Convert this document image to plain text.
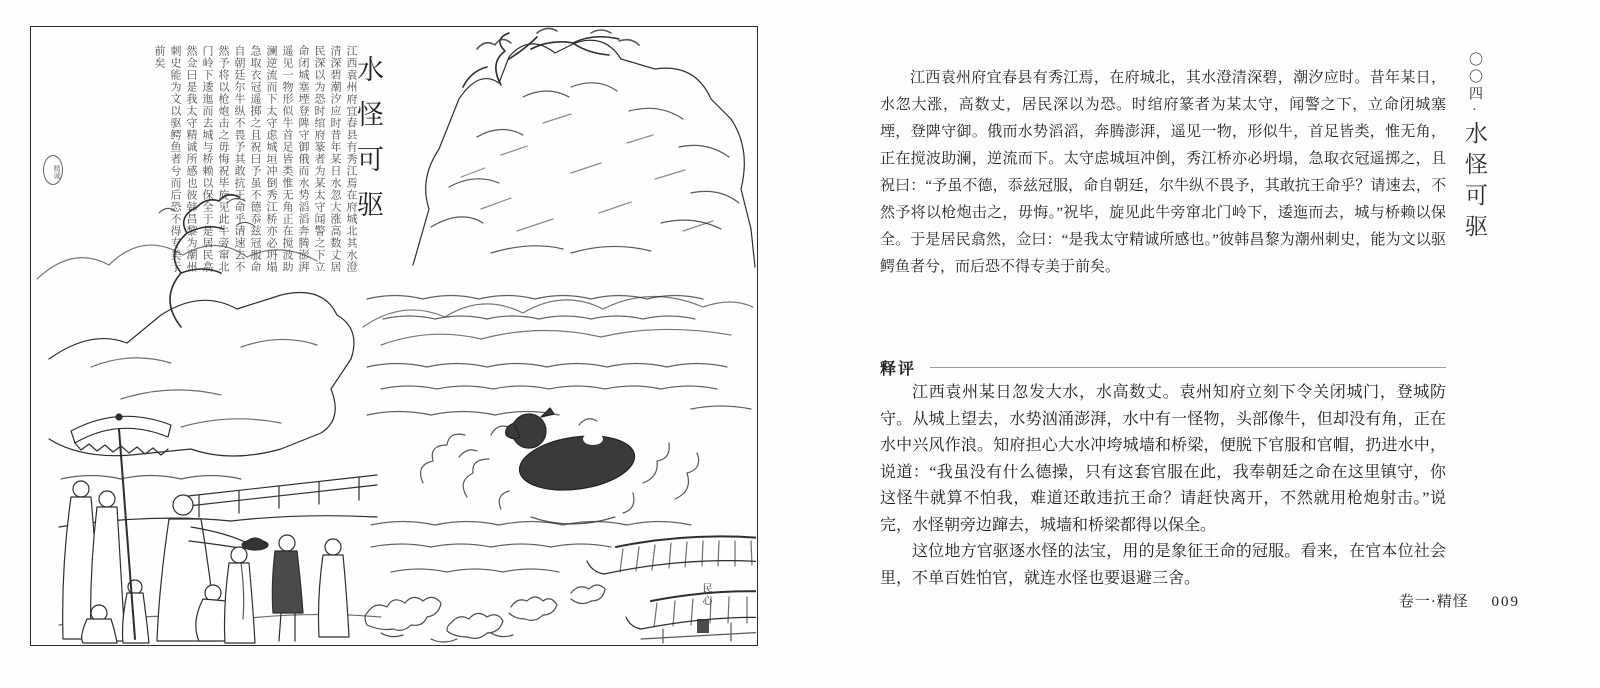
江西袁州府宜春县有秀江焉在府城北其水澄清深碧潮汐应时昔年某日水忽大涨高数丈居民深以为恐时绾府篆者为某太守闻警之下立命闭城塞堙登陴守御俄而水势滔滔奔腾澎湃遥见一物形似牛首足皆类惟无角正在搅波助澜逆流而下太守虑城垣冲倒秀江桥亦必坍塌急取衣冠遥掷之且祝曰予虽不德忝兹冠服命自朝廷尔牛纵不畏予其敢抗王命乎请速去不然予将以枪炮击之毋悔祝毕旋见此牛旁窜北门岭下逶迤而去城与桥赖以保全于是居民翕然佥曰是我太守精诚所感也彼韩昌黎为潮州刺史能为文以驱鳄鱼者兮而后恐不得专美于前矣	水怪可驱
精诚
民心

江西袁州府宜春县有秀江焉，在府城北，其水澄清深碧，潮汐应时。昔年某日，水忽大涨，高数丈，居民深以为恐。时绾府篆者为某太守，闻警之下，立命闭城塞堙，登陴守御。俄而水势滔滔，奔腾澎湃，遥见一物，形似牛，首足皆类，惟无角，正在搅波助澜，逆流而下。太守虑城垣冲倒，秀江桥亦必坍塌，急取衣冠遥掷之，且祝曰：“予虽不德，忝兹冠服，命自朝廷，尔牛纵不畏予，其敢抗王命乎？请速去，不然予将以枪炮击之，毋悔。”祝毕，旋见此牛旁窜北门岭下，逶迤而去，城与桥赖以保全。于是居民翕然，佥曰：“是我太守精诚所感也。”彼韩昌黎为潮州刺史，能为文以驱鳄鱼者兮，而后恐不得专美于前矣。

释评

江西袁州某日忽发大水，水高数丈。袁州知府立刻下令关闭城门，登城防守。从城上望去，水势汹涌澎湃，水中有一怪物，头部像牛，但却没有角，正在水中兴风作浪。知府担心大水冲垮城墙和桥梁，便脱下官服和官帽，扔进水中，说道：“我虽没有什么德操，只有这套官服在此，我奉朝廷之命在这里镇守，你这怪牛就算不怕我，难道还敢违抗王命？请赶快离开，不然就用枪炮射击。”说完，水怪朝旁边蹿去，城墙和桥梁都得以保全。

这位地方官驱逐水怪的法宝，用的是象征王命的冠服。看来，在官本位社会里，不单百姓怕官，就连水怪也要退避三舍。

〇〇四·水怪可驱
卷一·精怪 009
